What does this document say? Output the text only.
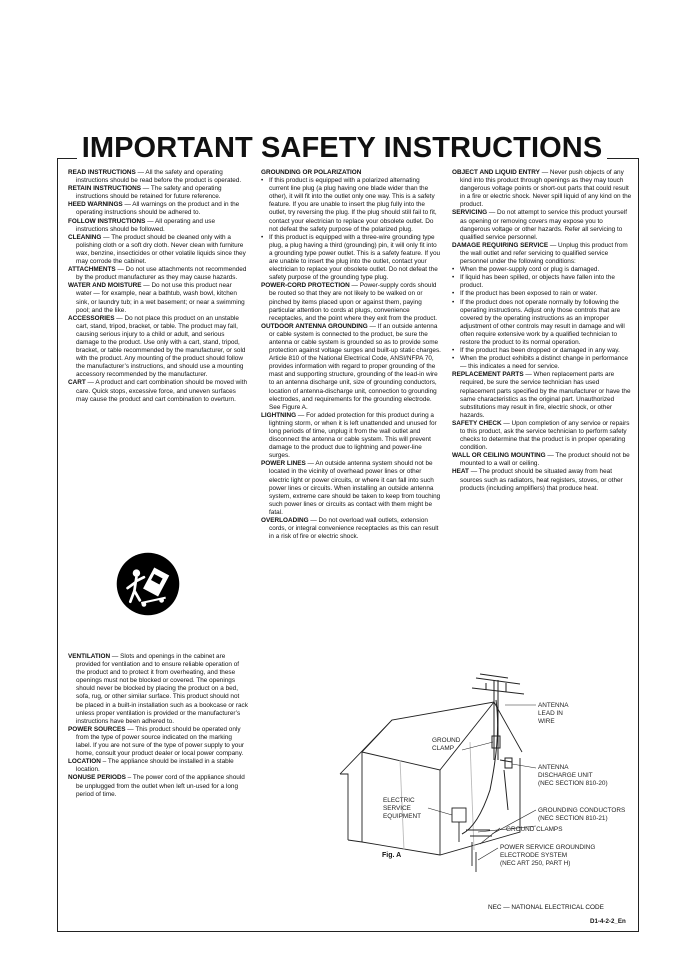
IMPORTANT SAFETY INSTRUCTIONS

READ INSTRUCTIONS — All the safety and operating instructions should be read before the product is operated.

RETAIN INSTRUCTIONS — The safety and operating instructions should be retained for future reference.

HEED WARNINGS — All warnings on the product and in the operating instructions should be adhered to.

FOLLOW INSTRUCTIONS — All operating and use instructions should be followed.

CLEANING — The product should be cleaned only with a polishing cloth or a soft dry cloth. Never clean with furniture wax, benzine, insecticides or other volatile liquids since they may corrode the cabinet.

ATTACHMENTS — Do not use attachments not recommended by the product manufacturer as they may cause hazards.

WATER AND MOISTURE — Do not use this product near water — for example, near a bathtub, wash bowl, kitchen sink, or laundry tub; in a wet basement; or near a swimming pool; and the like.

ACCESSORIES — Do not place this product on an unstable cart, stand, tripod, bracket, or table. The product may fall, causing serious injury to a child or adult, and serious damage to the product. Use only with a cart, stand, tripod, bracket, or table recommended by the manufacturer, or sold with the product. Any mounting of the product should follow the manufacturer’s instructions, and should use a mounting accessory recommended by the manufacturer.

CART — A product and cart combination should be moved with care. Quick stops, excessive force, and uneven surfaces may cause the product and cart combination to overturn.

VENTILATION — Slots and openings in the cabinet are provided for ventilation and to ensure reliable operation of the product and to protect it from overheating, and these openings must not be blocked or covered. The openings should never be blocked by placing the product on a bed, sofa, rug, or other similar surface. This product should not be placed in a built-in installation such as a bookcase or rack unless proper ventilation is provided or the manufacturer’s instructions have been adhered to.

POWER SOURCES — This product should be operated only from the type of power source indicated on the marking label. If you are not sure of the type of power supply to your home, consult your product dealer or local power company.

LOCATION – The appliance should be installed in a stable location.

NONUSE PERIODS – The power cord of the appliance should be unplugged from the outlet when left un-used for a long period of time.

GROUNDING OR POLARIZATION

• If this product is equipped with a polarized alternating current line plug (a plug having one blade wider than the other), it will fit into the outlet only one way. This is a safety feature. If you are unable to insert the plug fully into the outlet, try reversing the plug. If the plug should still fail to fit, contact your electrician to replace your obsolete outlet. Do not defeat the safety purpose of the polarized plug.

• If this product is equipped with a three-wire grounding type plug, a plug having a third (grounding) pin, it will only fit into a grounding type power outlet. This is a safety feature. If you are unable to insert the plug into the outlet, contact your electrician to replace your obsolete outlet. Do not defeat the safety purpose of the grounding type plug.

POWER-CORD PROTECTION — Power-supply cords should be routed so that they are not likely to be walked on or pinched by items placed upon or against them, paying particular attention to cords at plugs, convenience receptacles, and the point where they exit from the product.

OUTDOOR ANTENNA GROUNDING — If an outside antenna or cable system is connected to the product, be sure the antenna or cable system is grounded so as to provide some protection against voltage surges and built-up static charges. Article 810 of the National Electrical Code, ANSI/NFPA 70, provides information with regard to proper grounding of the mast and supporting structure, grounding of the lead-in wire to an antenna discharge unit, size of grounding conductors, location of antenna-discharge unit, connection to grounding electrodes, and requirements for the grounding electrode. See Figure A.

LIGHTNING — For added protection for this product during a lightning storm, or when it is left unattended and unused for long periods of time, unplug it from the wall outlet and disconnect the antenna or cable system. This will prevent damage to the product due to lightning and power-line surges.

POWER LINES — An outside antenna system should not be located in the vicinity of overhead power lines or other electric light or power circuits, or where it can fall into such power lines or circuits. When installing an outside antenna system, extreme care should be taken to keep from touching such power lines or circuits as contact with them might be fatal.

OVERLOADING — Do not overload wall outlets, extension cords, or integral convenience receptacles as this can result in a risk of fire or electric shock.

OBJECT AND LIQUID ENTRY — Never push objects of any kind into this product through openings as they may touch dangerous voltage points or short-out parts that could result in a fire or electric shock. Never spill liquid of any kind on the product.

SERVICING — Do not attempt to service this product yourself as opening or removing covers may expose you to dangerous voltage or other hazards. Refer all servicing to qualified service personnel.

DAMAGE REQUIRING SERVICE — Unplug this product from the wall outlet and refer servicing to qualified service personnel under the following conditions:

• When the power-supply cord or plug is damaged.

• If liquid has been spilled, or objects have fallen into the product.

• If the product has been exposed to rain or water.

• If the product does not operate normally by following the operating instructions. Adjust only those controls that are covered by the operating instructions as an improper adjustment of other controls may result in damage and will often require extensive work by a qualified technician to restore the product to its normal operation.

• If the product has been dropped or damaged in any way.

• When the product exhibits a distinct change in performance — this indicates a need for service.

REPLACEMENT PARTS — When replacement parts are required, be sure the service technician has used replacement parts specified by the manufacturer or have the same characteristics as the original part. Unauthorized substitutions may result in fire, electric shock, or other hazards.

SAFETY CHECK — Upon completion of any service or repairs to this product, ask the service technician to perform safety checks to determine that the product is in proper operating condition.

WALL OR CEILING MOUNTING — The product should not be mounted to a wall or ceiling.

HEAT — The product should be situated away from heat sources such as radiators, heat registers, stoves, or other products (including amplifiers) that produce heat.

ANTENNA
LEAD IN
WIRE
GROUND
CLAMP
ANTENNA
DISCHARGE UNIT
(NEC SECTION 810-20)
ELECTRIC
SERVICE
EQUIPMENT
GROUNDING CONDUCTORS
(NEC SECTION 810-21)
GROUND CLAMPS
POWER SERVICE GROUNDING
ELECTRODE SYSTEM
(NEC ART 250, PART H)
Fig. A
NEC — NATIONAL ELECTRICAL CODE
D1-4-2-2_En
